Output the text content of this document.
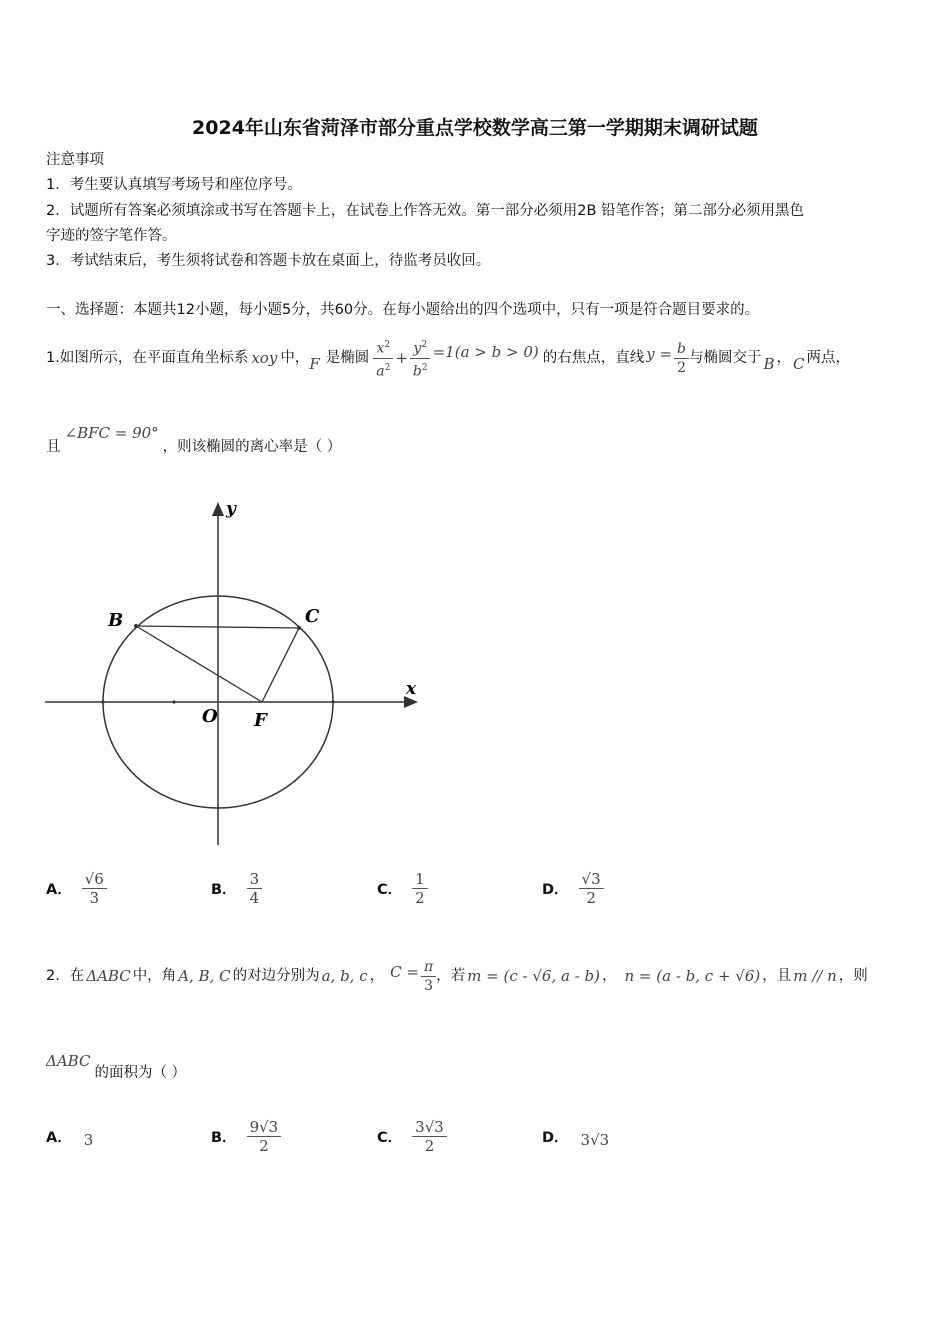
2024年山东省菏泽市部分重点学校数学高三第一学期期末调研试题
注意事项
1．考生要认真填写考场号和座位序号。
2．试题所有答案必须填涂或书写在答题卡上，在试卷上作答无效。第一部分必须用2B 铅笔作答；第二部分必须用黑色
字迹的签字笔作答。
3．考试结束后，考生须将试卷和答题卡放在桌面上，待监考员收回。
一、选择题：本题共12小题，每小题5分，共60分。在每小题给出的四个选项中，只有一项是符合题目要求的。
1.如图所示，在平面直角坐标系 xoy 中， F 是椭圆 $\frac{x^2}{a^2} + \frac{y^2}{b^2} =1(a > b > 0)$ 的右焦点，直线 $y = \frac{b}{2}$ 与椭圆交于 B ， C 两点，
且
∠BFC = 90°
，则该椭圆的离心率是（ ）
y
x
B	C
O F
A． $\frac{√6}{3}$	B． $\frac{3}{4}$	C． $\frac{1}{2}$	D． $\frac{√3}{2}$
2．在 ΔABC 中，角 A, B, C 的对边分别为 a, b, c ， $C = \frac{\pi}{3}$ ，若 m = (c - √6, a - b) ， n = (a - b, c + √6) ，且 m // n ，则
ΔABC
的面积为（ ）
A． 3	B． $\frac{9√3}{2}$	C． $\frac{3√3}{2}$	D． 3√3
